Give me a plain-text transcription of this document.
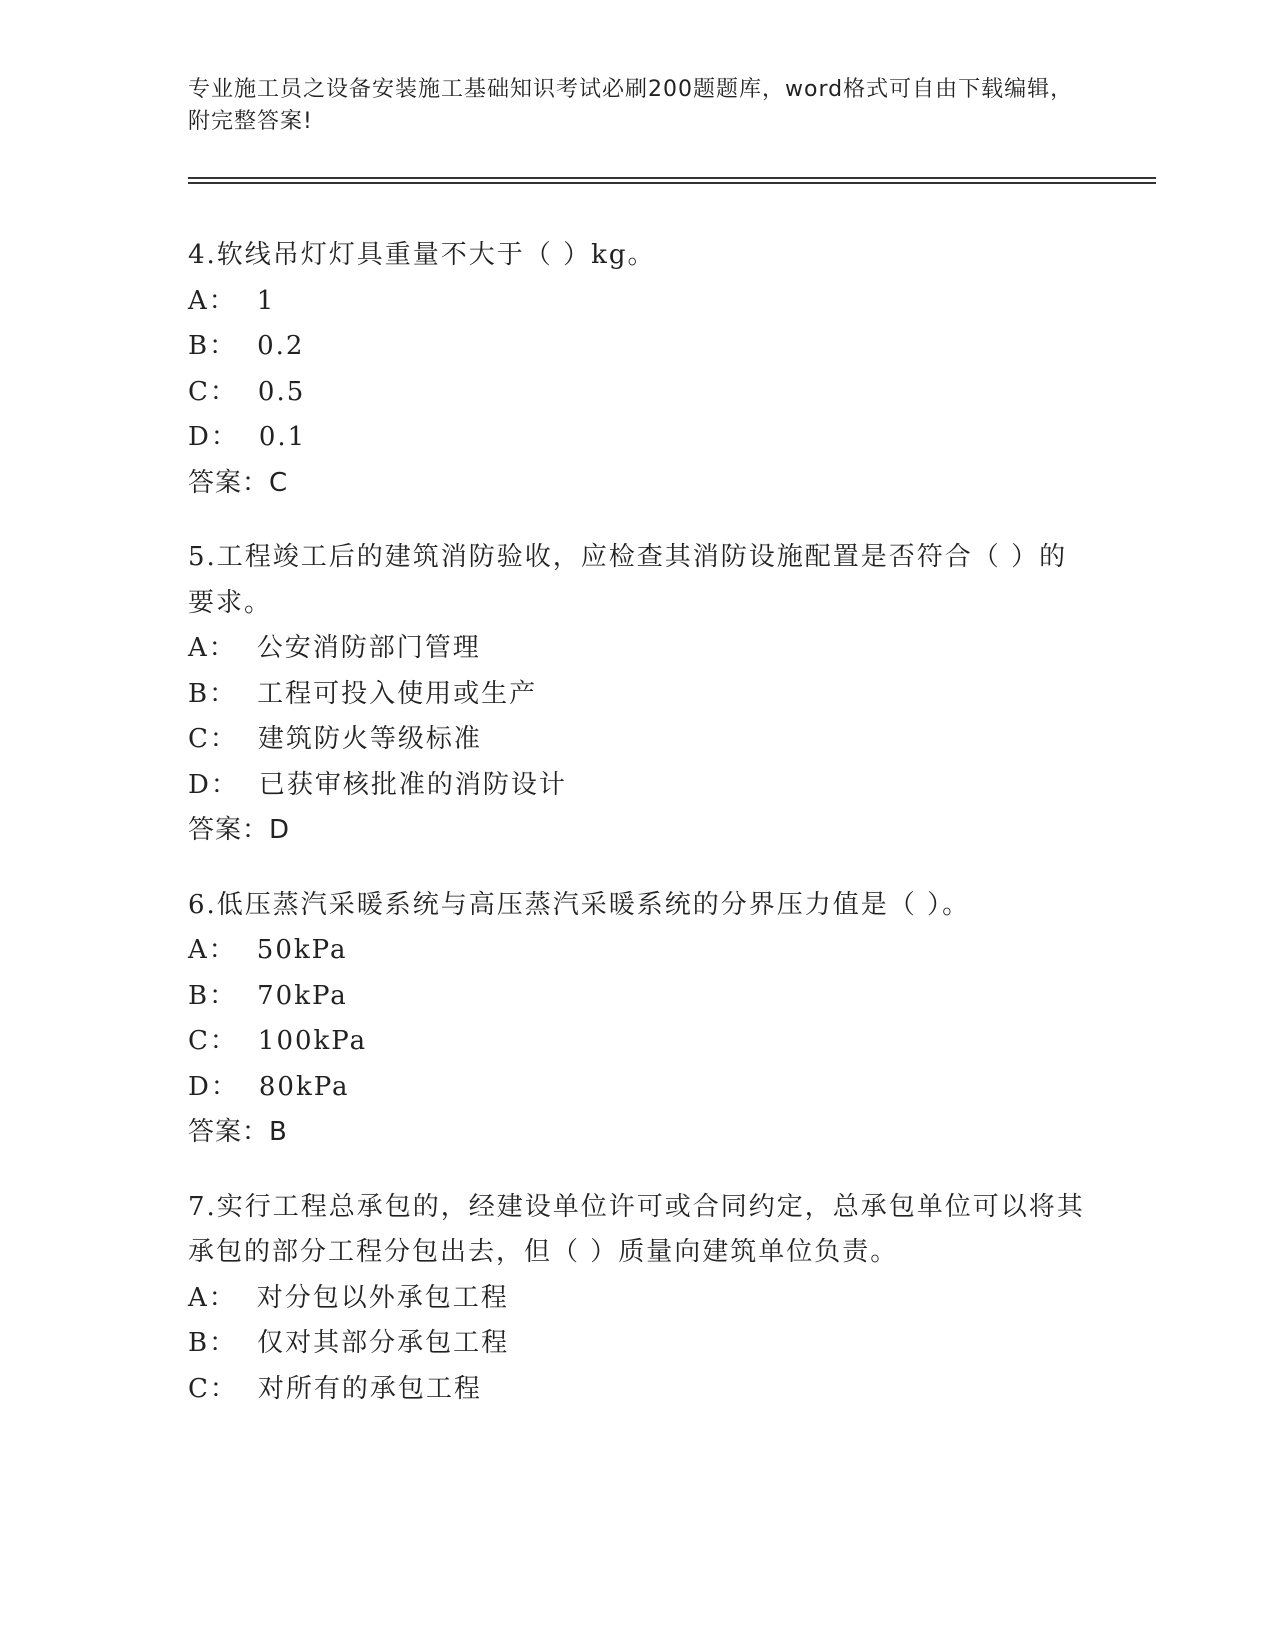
专业施工员之设备安装施工基础知识考试必刷200题题库，word格式可自由下载编辑，附完整答案!
4.软线吊灯灯具重量不大于（ ）kg。
A： 1
B： 0.2
C： 0.5
D： 0.1
答案：C
5.工程竣工后的建筑消防验收，应检查其消防设施配置是否符合（ ）的要求。
A： 公安消防部门管理
B： 工程可投入使用或生产
C： 建筑防火等级标准
D： 已获审核批准的消防设计
答案：D
6.低压蒸汽采暖系统与高压蒸汽采暖系统的分界压力值是（ ）。
A： 50kPa
B： 70kPa
C： 100kPa
D： 80kPa
答案：B
7.实行工程总承包的，经建设单位许可或合同约定，总承包单位可以将其承包的部分工程分包出去，但（ ）质量向建筑单位负责。
A： 对分包以外承包工程
B： 仅对其部分承包工程
C： 对所有的承包工程
